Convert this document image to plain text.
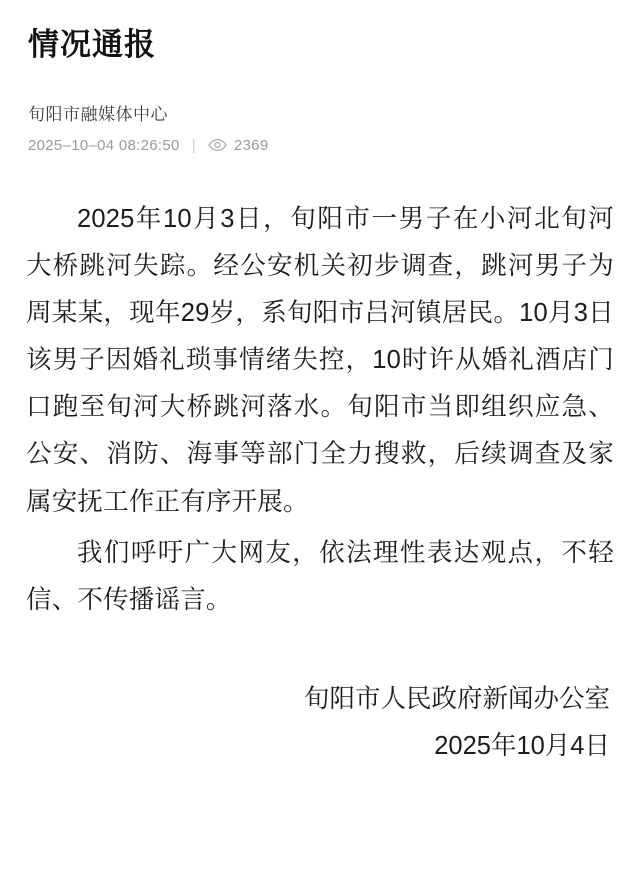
情况通报
旬阳市融媒体中心
2025–10–04 08:26:50 |	2369

2025年10月3日，旬阳市一男子在小河北旬河大桥跳河失踪。经公安机关初步调查，跳河男子为周某某，现年29岁，系旬阳市吕河镇居民。10月3日该男子因婚礼琐事情绪失控，10时许从婚礼酒店门口跑至旬河大桥跳河落水。旬阳市当即组织应急、公安、消防、海事等部门全力搜救，后续调查及家属安抚工作正有序开展。

我们呼吁广大网友，依法理性表达观点，不轻信、不传播谣言。

旬阳市人民政府新闻办公室
2025年10月4日
